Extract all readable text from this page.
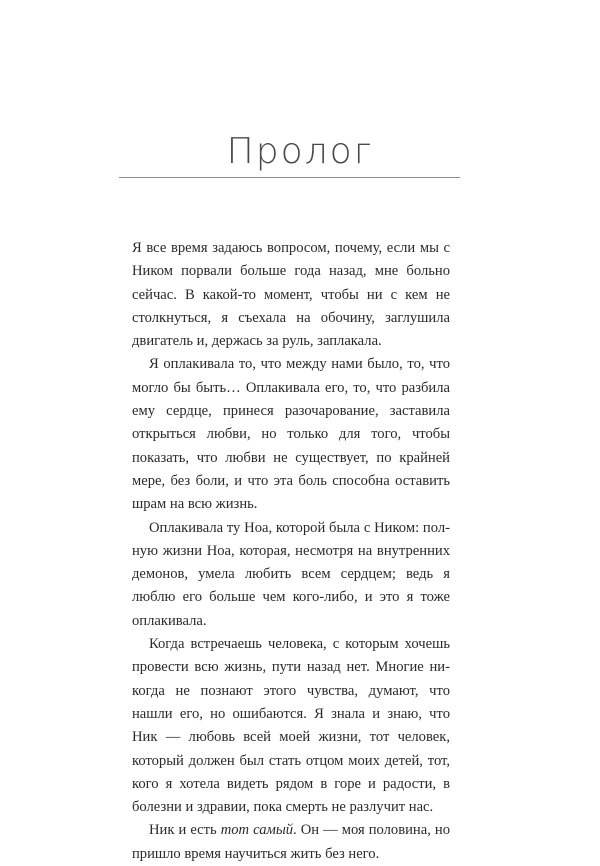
Пролог

Я все время задаюсь вопросом, почему, если мы с Ником порвали больше года назад, мне больно сейчас. В какой-то момент, чтобы ни с кем не столкнуться, я съехала на обочину, заглушила двигатель и, держась за руль, заплакала.

Я оплакивала то, что между нами было, то, что могло бы быть… Оплакивала его, то, что разбила ему сердце, принеся разочарование, заставила открыться любви, но только для того, чтобы показать, что любви не существует, по крайней мере, без боли, и что эта боль способна оставить шрам на всю жизнь.

Оплакивала ту Ноа, которой была с Ником: полную жизни Ноа, которая, несмотря на внутренних демонов, умела любить всем сердцем; ведь я люблю его больше чем кого-либо, и это я тоже оплакивала.

Когда встречаешь человека, с которым хочешь провести всю жизнь, пути назад нет. Многие никогда не познают этого чувства, думают, что нашли его, но ошибаются. Я знала и знаю, что Ник — любовь всей моей жизни, тот человек, который должен был стать отцом моих детей, тот, кого я хотела видеть рядом в горе и радости, в болезни и здравии, пока смерть не разлучит нас.

Ник и есть тот самый. Он — моя половина, но пришло время научиться жить без него.
